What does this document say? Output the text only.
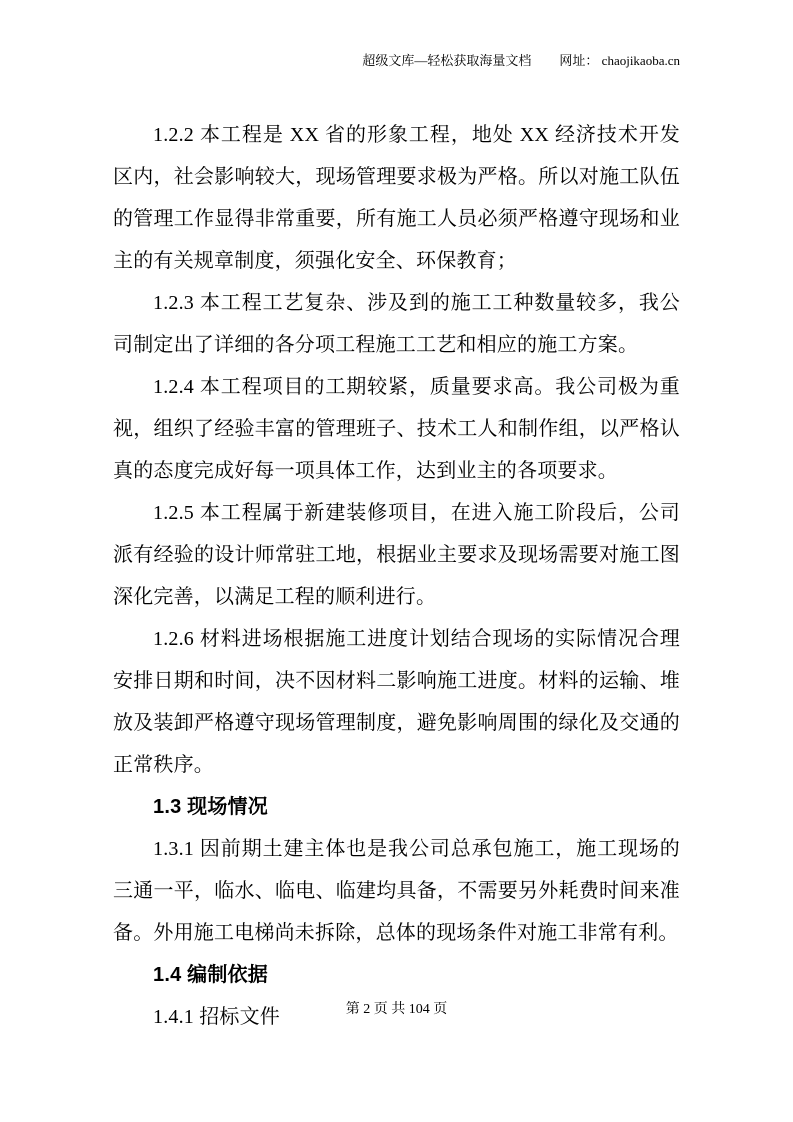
超级文库—轻松获取海量文档 网址： chaojikaoba.cn

1.2.2 本工程是 XX 省的形象工程，地处 XX 经济技术开发区内，社会影响较大，现场管理要求极为严格。所以对施工队伍的管理工作显得非常重要，所有施工人员必须严格遵守现场和业主的有关规章制度，须强化安全、环保教育；

1.2.3 本工程工艺复杂、涉及到的施工工种数量较多，我公司制定出了详细的各分项工程施工工艺和相应的施工方案。

1.2.4 本工程项目的工期较紧，质量要求高。我公司极为重视，组织了经验丰富的管理班子、技术工人和制作组，以严格认真的态度完成好每一项具体工作，达到业主的各项要求。

1.2.5 本工程属于新建装修项目，在进入施工阶段后，公司派有经验的设计师常驻工地，根据业主要求及现场需要对施工图深化完善，以满足工程的顺利进行。

1.2.6 材料进场根据施工进度计划结合现场的实际情况合理安排日期和时间，决不因材料二影响施工进度。材料的运输、堆放及装卸严格遵守现场管理制度，避免影响周围的绿化及交通的正常秩序。

1.3 现场情况

1.3.1 因前期土建主体也是我公司总承包施工，施工现场的三通一平，临水、临电、临建均具备，不需要另外耗费时间来准备。外用施工电梯尚未拆除，总体的现场条件对施工非常有利。

1.4 编制依据

1.4.1 招标文件	第 2 页 共 104 页
